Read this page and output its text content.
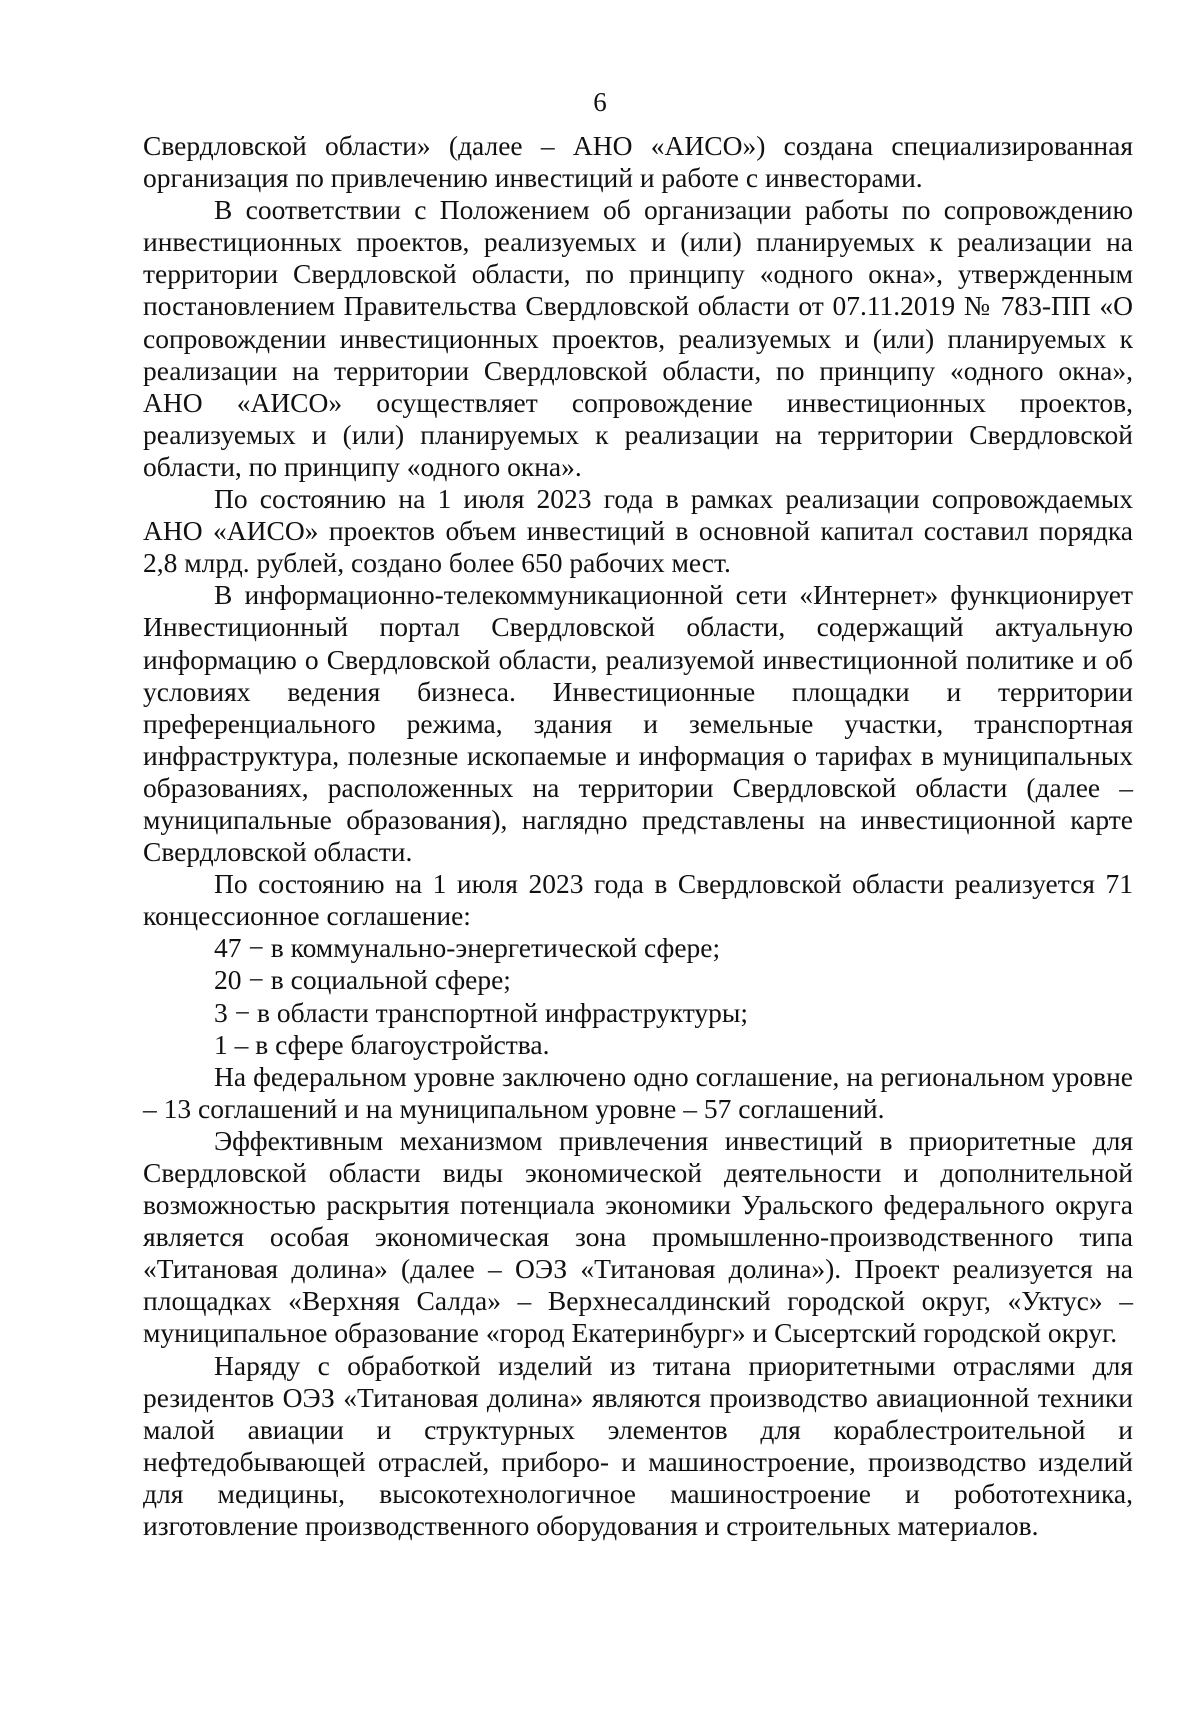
6

Свердловской области» (далее – АНО «АИСО») создана специализированная организация по привлечению инвестиций и работе с инвесторами.

В соответствии с Положением об организации работы по сопровождению инвестиционных проектов, реализуемых и (или) планируемых к реализации на территории Свердловской области, по принципу «одного окна», утвержденным постановлением Правительства Свердловской области от 07.11.2019 № 783-ПП «О сопровождении инвестиционных проектов, реализуемых и (или) планируемых к реализации на территории Свердловской области, по принципу «одного окна», АНО «АИСО» осуществляет сопровождение инвестиционных проектов, реализуемых и (или) планируемых к реализации на территории Свердловской области, по принципу «одного окна».

По состоянию на 1 июля 2023 года в рамках реализации сопровождаемых АНО «АИСО» проектов объем инвестиций в основной капитал составил порядка 2,8 млрд. рублей, создано более 650 рабочих мест.

В информационно-телекоммуникационной сети «Интернет» функционирует Инвестиционный портал Свердловской области, содержащий актуальную информацию о Свердловской области, реализуемой инвестиционной политике и об условиях ведения бизнеса. Инвестиционные площадки и территории преференциального режима, здания и земельные участки, транспортная инфраструктура, полезные ископаемые и информация о тарифах в муниципальных образованиях, расположенных на территории Свердловской области (далее – муниципальные образования), наглядно представлены на инвестиционной карте Свердловской области.

По состоянию на 1 июля 2023 года в Свердловской области реализуется 71 концессионное соглашение:

47 − в коммунально-энергетической сфере;

20 − в социальной сфере;

3 − в области транспортной инфраструктуры;

1 – в сфере благоустройства.

На федеральном уровне заключено одно соглашение, на региональном уровне – 13 соглашений и на муниципальном уровне – 57 соглашений.

Эффективным механизмом привлечения инвестиций в приоритетные для Свердловской области виды экономической деятельности и дополнительной возможностью раскрытия потенциала экономики Уральского федерального округа является особая экономическая зона промышленно-производственного типа «Титановая долина» (далее – ОЭЗ «Титановая долина»). Проект реализуется на площадках «Верхняя Салда» – Верхнесалдинский городской округ, «Уктус» – муниципальное образование «город Екатеринбург» и Сысертский городской округ.

Наряду с обработкой изделий из титана приоритетными отраслями для резидентов ОЭЗ «Титановая долина» являются производство авиационной техники малой авиации и структурных элементов для кораблестроительной и нефтедобывающей отраслей, приборо- и машиностроение, производство изделий для медицины, высокотехнологичное машиностроение и робототехника, изготовление производственного оборудования и строительных материалов.
